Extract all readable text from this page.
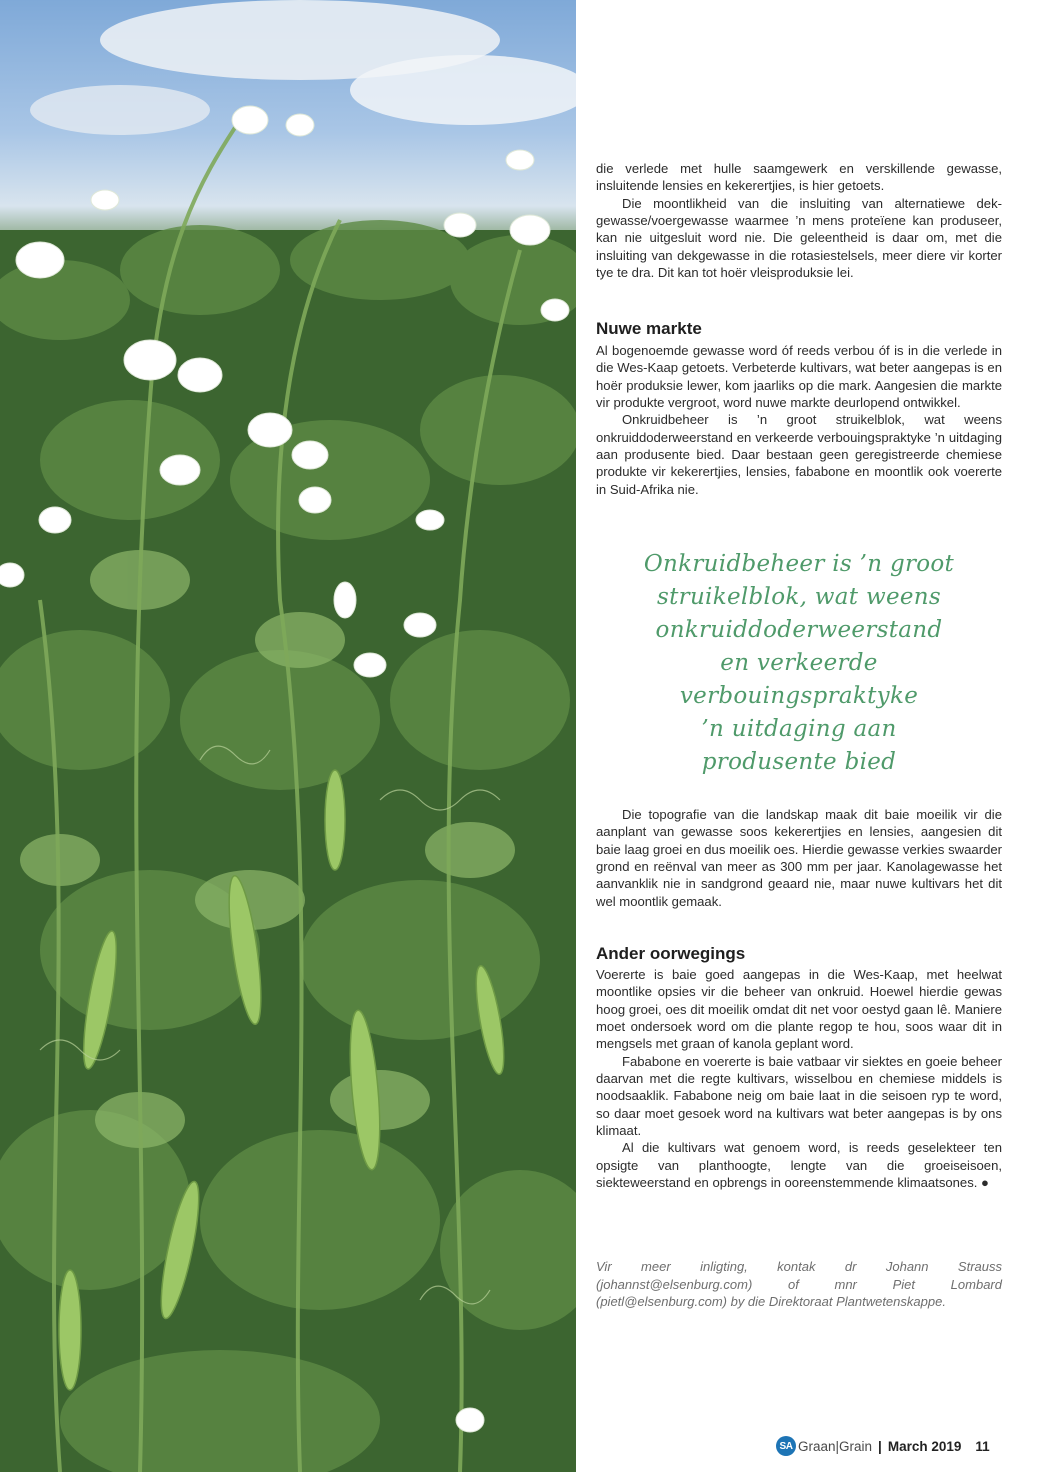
die verlede met hulle saamgewerk en verskillende gewasse, insluitende lensies en kekerertjies, is hier getoets.

Die moontlikheid van die insluiting van alternatiewe dek-gewasse/voergewasse waarmee ’n mens proteïene kan produseer, kan nie uitgesluit word nie. Die geleentheid is daar om, met die insluiting van dekgewasse in die rotasiestelsels, meer diere vir korter tye te dra. Dit kan tot hoër vleisproduksie lei.

Nuwe markte

Al bogenoemde gewasse word óf reeds verbou óf is in die verlede in die Wes-Kaap getoets. Verbeterde kultivars, wat beter aangepas is en hoër produksie lewer, kom jaarliks op die mark. Aangesien die markte vir produkte vergroot, word nuwe markte deurlopend ontwikkel.

Onkruidbeheer is ’n groot struikelblok, wat weens onkruiddoderweerstand en verkeerde verbouingspraktyke ’n uitdaging aan produsente bied. Daar bestaan geen geregistreerde chemiese produkte vir kekerertjies, lensies, fababone en moontlik ook voererte in Suid-Afrika nie.

Onkruidbeheer is ’n groot
struikelblok, wat weens
onkruiddoderweerstand
en verkeerde
verbouingspraktyke
’n uitdaging aan
produsente bied

Die topografie van die landskap maak dit baie moeilik vir die aanplant van gewasse soos kekerertjies en lensies, aangesien dit baie laag groei en dus moeilik oes. Hierdie gewasse verkies swaarder grond en reënval van meer as 300 mm per jaar. Kanolagewasse het aanvanklik nie in sandgrond geaard nie, maar nuwe kultivars het dit wel moontlik gemaak.

Ander oorwegings

Voererte is baie goed aangepas in die Wes-Kaap, met heelwat moontlike opsies vir die beheer van onkruid. Hoewel hierdie gewas hoog groei, oes dit moeilik omdat dit net voor oestyd gaan lê. Maniere moet ondersoek word om die plante regop te hou, soos waar dit in mengsels met graan of kanola geplant word.

Fababone en voererte is baie vatbaar vir siektes en goeie beheer daarvan met die regte kultivars, wisselbou en chemiese middels is noodsaaklik. Fababone neig om baie laat in die seisoen ryp te word, so daar moet gesoek word na kultivars wat beter aangepas is by ons klimaat.

Al die kultivars wat genoem word, is reeds geselekteer ten opsigte van planthoogte, lengte van die groeiseisoen, siekteweerstand en opbrengs in ooreenstemmende klimaatsones. ●

Vir meer inligting, kontak dr Johann Strauss (johannst@elsenburg.com) of mnr Piet Lombard (pietl@elsenburg.com) by die Direktoraat Plantwetenskappe.

SA Graan|Grain | March 2019 11
